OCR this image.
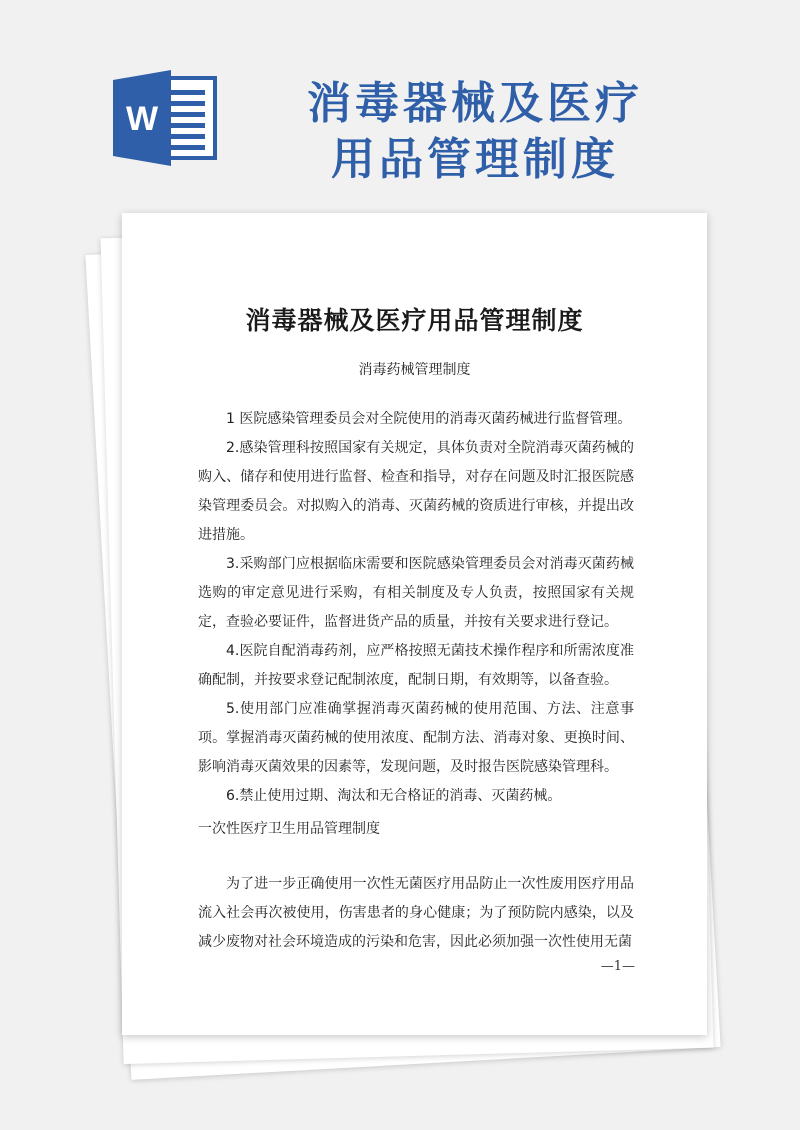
W	消毒器械及医疗
用品管理制度
消毒器械及医疗用品管理制度
消毒药械管理制度

1 医院感染管理委员会对全院使用的消毒灭菌药械进行监督管理。

2.感染管理科按照国家有关规定，具体负责对全院消毒灭菌药械的购入、储存和使用进行监督、检查和指导，对存在问题及时汇报医院感染管理委员会。对拟购入的消毒、灭菌药械的资质进行审核，并提出改进措施。

3.采购部门应根据临床需要和医院感染管理委员会对消毒灭菌药械选购的审定意见进行采购，有相关制度及专人负责，按照国家有关规定，查验必要证件，监督进货产品的质量，并按有关要求进行登记。

4.医院自配消毒药剂，应严格按照无菌技术操作程序和所需浓度准确配制，并按要求登记配制浓度，配制日期，有效期等，以备查验。

5.使用部门应准确掌握消毒灭菌药械的使用范围、方法、注意事项。掌握消毒灭菌药械的使用浓度、配制方法、消毒对象、更换时间、影响消毒灭菌效果的因素等，发现问题，及时报告医院感染管理科。

6.禁止使用过期、淘汰和无合格证的消毒、灭菌药械。

一次性医疗卫生用品管理制度

为了进一步正确使用一次性无菌医疗用品防止一次性废用医疗用品流入社会再次被使用，伤害患者的身心健康；为了预防院内感染，以及减少废物对社会环境造成的污染和危害，因此必须加强一次性使用无菌

—1—
